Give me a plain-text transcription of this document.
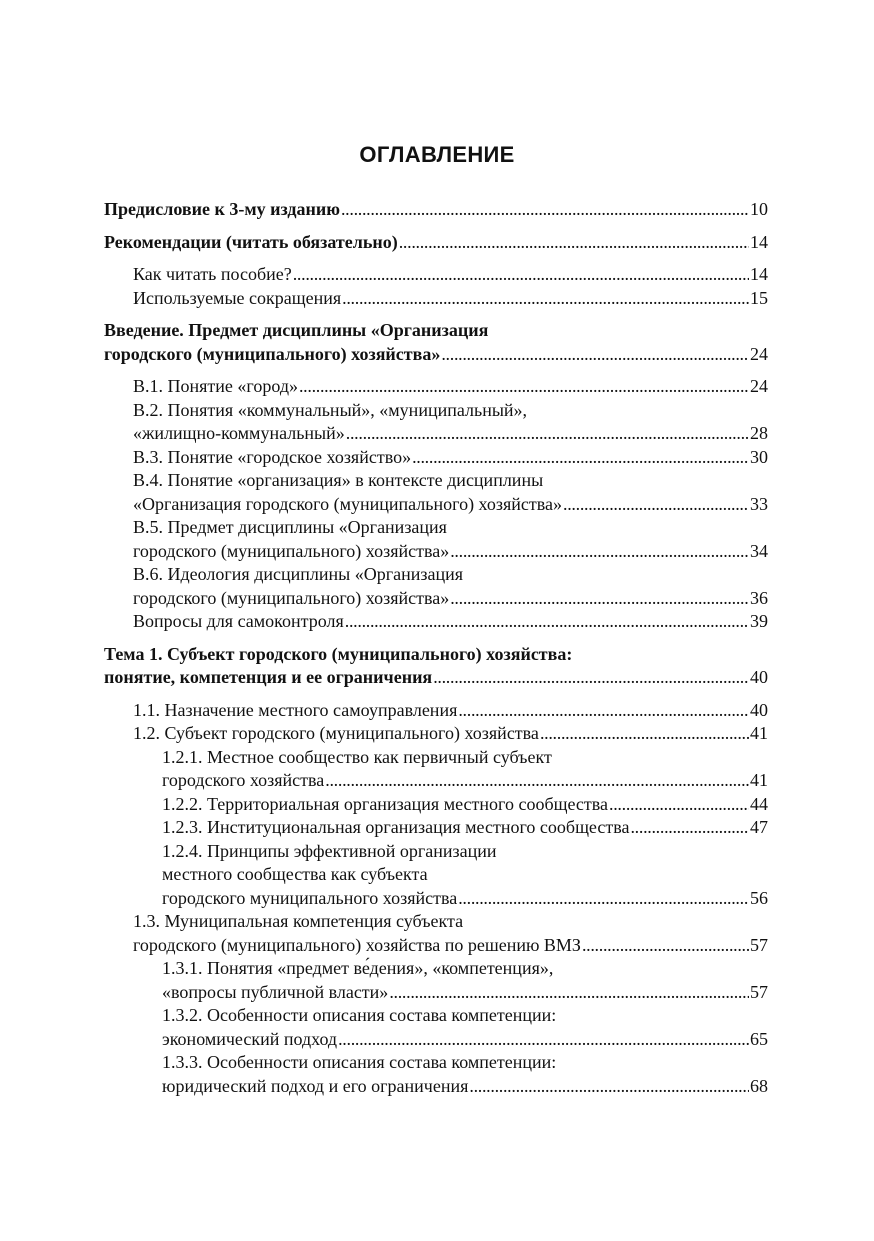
ОГЛАВЛЕНИЕ
Предисловие к 3-му изданию . . .	10
Рекомендации (читать обязательно) . . .	14
Как читать пособие? . . .	14
Используемые сокращения . . .	15
Введение. Предмет дисциплины «Организация
городского (муниципального) хозяйства» . . .	24
В.1. Понятие «город» . . .	24
В.2. Понятия «коммунальный», «муниципальный»,
«жилищно-коммунальный» . . .	28
В.3. Понятие «городское хозяйство» . . .	30
В.4. Понятие «организация» в контексте дисциплины
«Организация городского (муниципального) хозяйства» . . .	33
В.5. Предмет дисциплины «Организация
городского (муниципального) хозяйства» . . .	34
В.6. Идеология дисциплины «Организация
городского (муниципального) хозяйства» . . .	36
Вопросы для самоконтроля . . .	39
Тема 1. Субъект городского (муниципального) хозяйства:
понятие, компетенция и ее ограничения . . .	40
1.1. Назначение местного самоуправления . . .	40
1.2. Субъект городского (муниципального) хозяйства . . .	41
1.2.1. Местное сообщество как первичный субъект
городского хозяйства . . .	41
1.2.2. Территориальная организация местного сообщества . . .	44
1.2.3. Институциональная организация местного сообщества . . .	47
1.2.4. Принципы эффективной организации
местного сообщества как субъекта
городского муниципального хозяйства . . .	56
1.3. Муниципальная компетенция субъекта
городского (муниципального) хозяйства по решению ВМЗ . . .	57
1.3.1. Понятия «предмет ве́дения», «компетенция»,
«вопросы публичной власти» . . .	57
1.3.2. Особенности описания состава компетенции:
экономический подход . . .	65
1.3.3. Особенности описания состава компетенции:
юридический подход и его ограничения . . .	68
